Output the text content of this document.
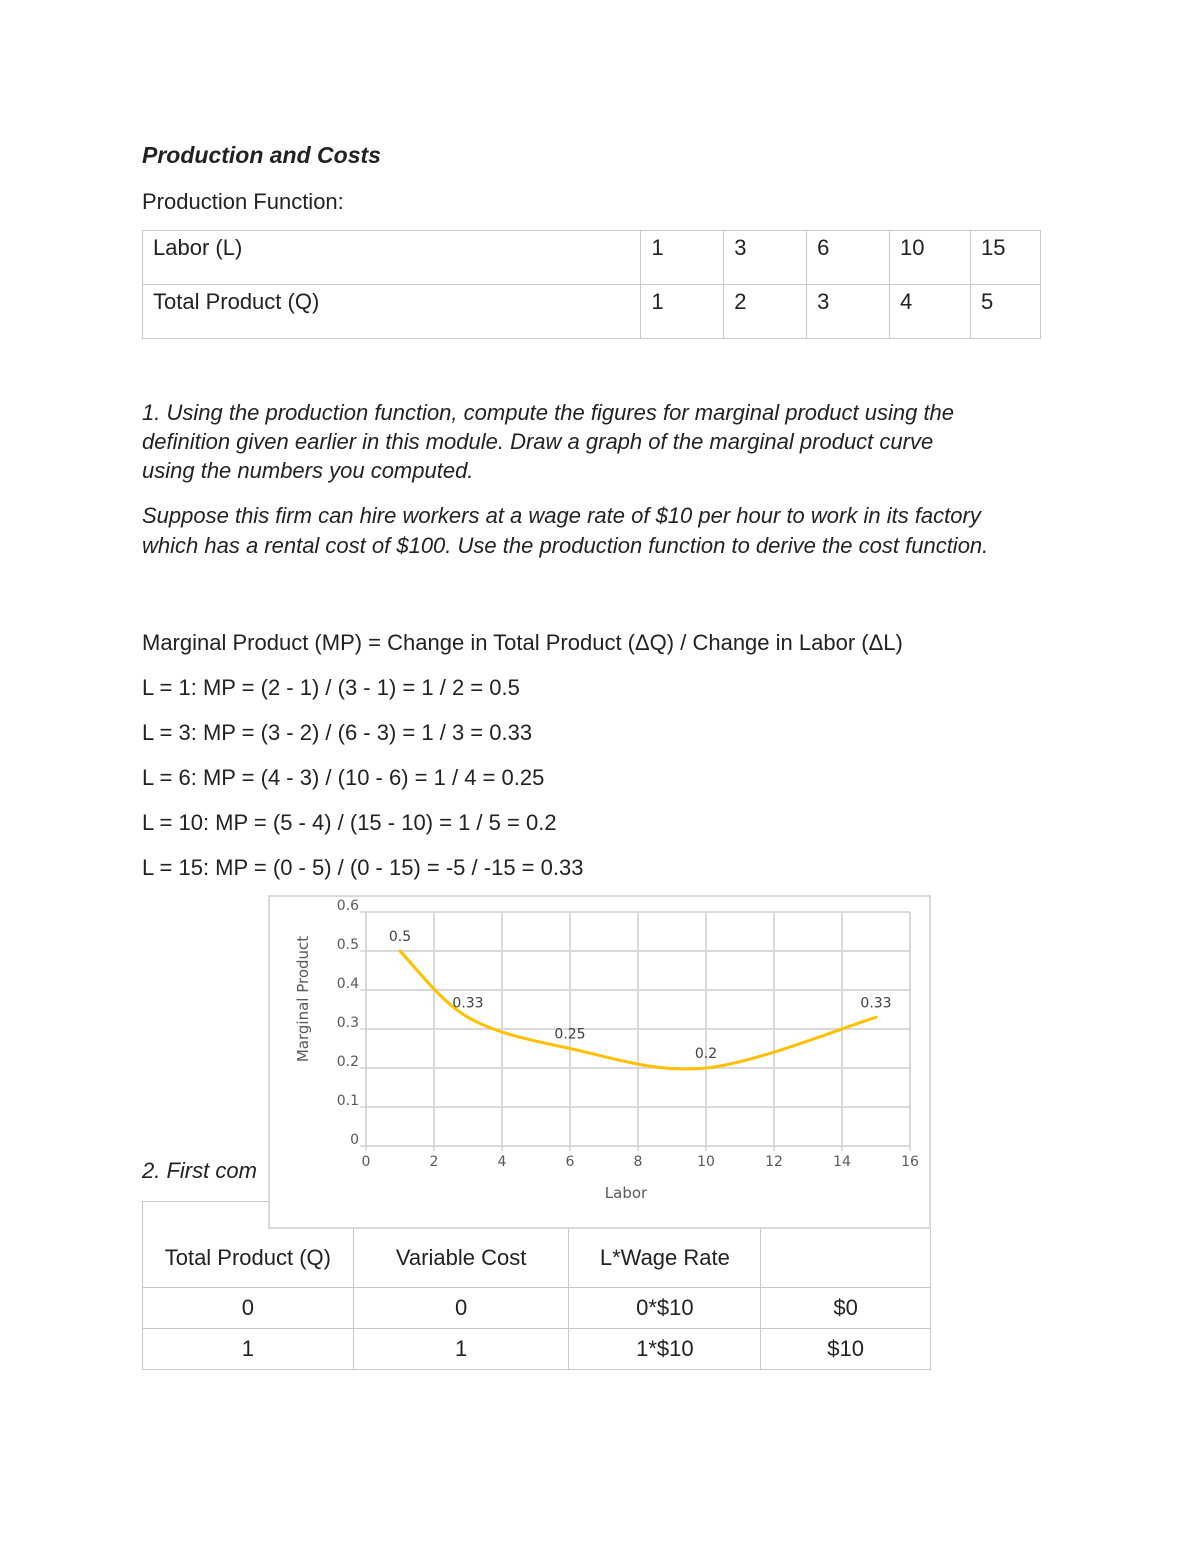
Production and Costs
Production Function:
Labor (L)	1	3	6	10	15
Total Product (Q)	1	2	3	4	5
1. Using the production function, compute the figures for marginal product using the
definition given earlier in this module. Draw a graph of the marginal product curve
using the numbers you computed.
Suppose this firm can hire workers at a wage rate of $10 per hour to work in its factory
which has a rental cost of $100. Use the production function to derive the cost function.
Marginal Product (MP) = Change in Total Product (ΔQ) / Change in Labor (ΔL)
L = 1: MP = (2 - 1) / (3 - 1) = 1 / 2 = 0.5
L = 3: MP = (3 - 2) / (6 - 3) = 1 / 3 = 0.33
L = 6: MP = (4 - 3) / (10 - 6) = 1 / 4 = 0.25
L = 10: MP = (5 - 4) / (15 - 10) = 1 / 5 = 0.2
L = 15: MP = (0 - 5) / (0 - 15) = -5 / -15 = 0.33
2. First com
Total Product (Q)	Variable Cost	L*Wage Rate	
0	0	0*$10	$0
1	1	1*$10	$10
0
0.1
0.2
0.3
0.4
0.5
0.6
0	2	4	6	8	10	12	14	16
0.5
0.33
0.25
0.2
0.33
Labor
Marginal Product
